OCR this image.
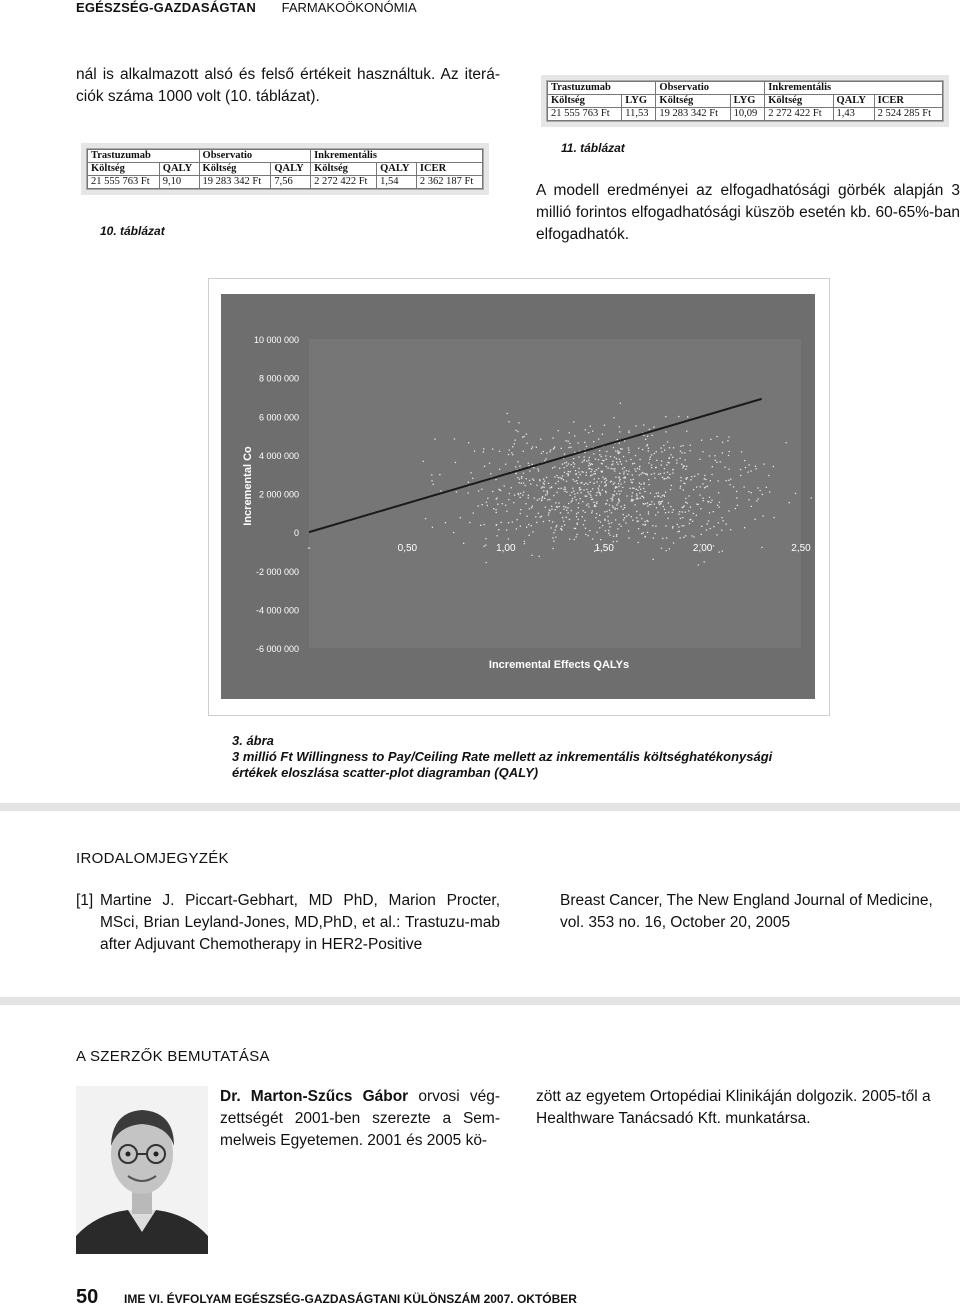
EGÉSZSÉG-GAZDASÁGTAN FARMAKOÖKONÓMIA
nál is alkalmazott alsó és felső értékeit használtuk. Az iterá-ciók száma 1000 volt (10. táblázat).
Trastuzumab		Observatio		Inkrementális		
Költség	QALY	Költség	QALY	Költség	QALY	ICER
21 555 763 Ft	9,10	19 283 342 Ft	7,56	2 272 422 Ft	1,54	2 362 187 Ft
10. táblázat
Trastuzumab		Observatio		Inkrementális		
Költség	LYG	Költség	LYG	Költség	QALY	ICER
21 555 763 Ft	11,53	19 283 342 Ft	10,09	2 272 422 Ft	1,43	2 524 285 Ft
11. táblázat
A modell eredményei az elfogadhatósági görbék alapján 3 millió forintos elfogadhatósági küszöb esetén kb. 60-65%-ban elfogadhatók.
10 000 000
8 000 000
6 000 000
4 000 000
2 000 000
0
-2 000 000
-4 000 000
-6 000 000
-	0,50	1,00	1,50	2,00	2,50
Incremental Co
Incremental Effects QALYs
3. ábra
3 millió Ft Willingness to Pay/Ceiling Rate mellett az inkrementális költséghatékonysági értékek eloszlása scatter-plot diagramban (QALY)
IRODALOMJEGYZÉK
[1] Martine J. Piccart-Gebhart, MD PhD, Marion Procter, MSci, Brian Leyland-Jones, MD,PhD, et al.: Trastuzu-mab after Adjuvant Chemotherapy in HER2-Positive
Breast Cancer, The New England Journal of Medicine, vol. 353 no. 16, October 20, 2005
A SZERZŐK BEMUTATÁSA
Dr. Marton-Szűcs Gábor orvosi vég-zettségét 2001-ben szerezte a Sem-melweis Egyetemen. 2001 és 2005 kö-
zött az egyetem Ortopédiai Klinikáján dolgozik. 2005-től a Healthware Tanácsadó Kft. munkatársa.
50 IME VI. ÉVFOLYAM EGÉSZSÉG-GAZDASÁGTANI KÜLÖNSZÁM 2007. OKTÓBER
